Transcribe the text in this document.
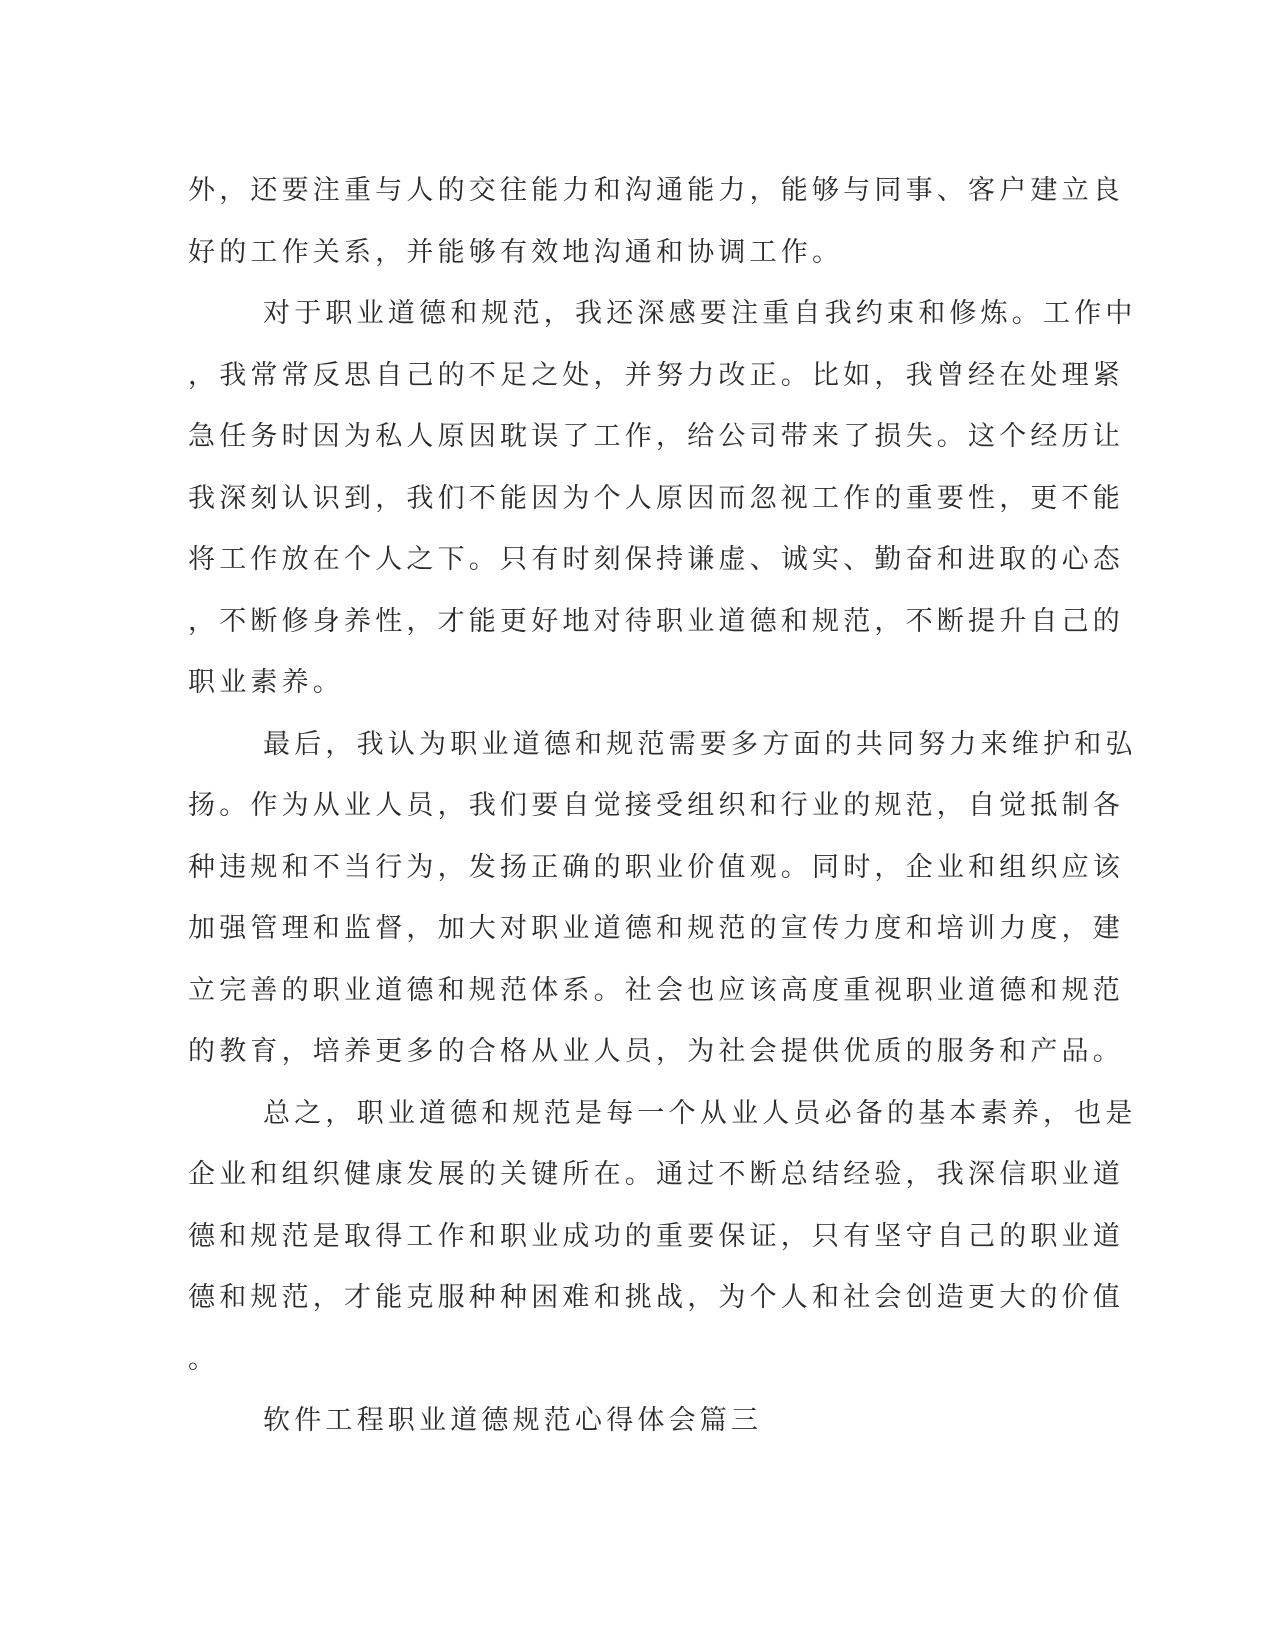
外，还要注重与人的交往能力和沟通能力，能够与同事、客户建立良
好的工作关系，并能够有效地沟通和协调工作。
对于职业道德和规范，我还深感要注重自我约束和修炼。工作中
，我常常反思自己的不足之处，并努力改正。比如，我曾经在处理紧
急任务时因为私人原因耽误了工作，给公司带来了损失。这个经历让
我深刻认识到，我们不能因为个人原因而忽视工作的重要性，更不能
将工作放在个人之下。只有时刻保持谦虚、诚实、勤奋和进取的心态
，不断修身养性，才能更好地对待职业道德和规范，不断提升自己的
职业素养。
最后，我认为职业道德和规范需要多方面的共同努力来维护和弘
扬。作为从业人员，我们要自觉接受组织和行业的规范，自觉抵制各
种违规和不当行为，发扬正确的职业价值观。同时，企业和组织应该
加强管理和监督，加大对职业道德和规范的宣传力度和培训力度，建
立完善的职业道德和规范体系。社会也应该高度重视职业道德和规范
的教育，培养更多的合格从业人员，为社会提供优质的服务和产品。
总之，职业道德和规范是每一个从业人员必备的基本素养，也是
企业和组织健康发展的关键所在。通过不断总结经验，我深信职业道
德和规范是取得工作和职业成功的重要保证，只有坚守自己的职业道
德和规范，才能克服种种困难和挑战，为个人和社会创造更大的价值
。
软件工程职业道德规范心得体会篇三
